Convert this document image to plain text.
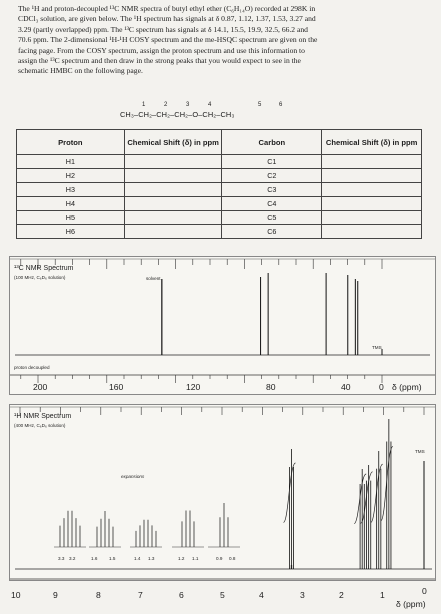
The ¹H and proton-decoupled ¹³C NMR spectra of butyl ethyl ether (C₆H₁₄O) recorded at 298K in

CDCl₃ solution, are given below. The ¹H spectrum has signals at δ 0.87, 1.12, 1.37, 1.53, 3.27 and

3.29 (partly overlapped) ppm. The ¹³C spectrum has signals at δ 14.1, 15.5, 19.9, 32.5, 66.2 and

70.6 ppm. The 2-dimensional ¹H-¹H COSY spectrum and the me-HSQC spectrum are given on the

facing page. From the COSY spectrum, assign the proton spectrum and use this information to

assign the ¹³C spectrum and then draw in the strong peaks that you would expect to see in the

schematic HMBC on the following page.

1	2	3	4	5	6
CH₃–CH₂–CH₂–CH₂–O–CH₂–CH₃
Proton	Chemical Shift (δ) in ppm	Carbon	Chemical Shift (δ) in ppm
H1		C1	
H2		C2	
H3		C3	
H4		C4	
H5		C5	
H6		C6	
¹³C NMR Spectrum
(100 MHz, C₆D₆ solution)	solvent
TMS
proton decoupled
200	160	120	80	40	0 δ (ppm)
¹H NMR Spectrum
(400 MHz, C₆D₆ solution)
expansions
TMS
3.3 3.2	1.6	1.5	1.4 1.3	1.2 1.1	0.9 0.8
10	9	8	7	6	5	4	3	2	1	0
δ (ppm)
